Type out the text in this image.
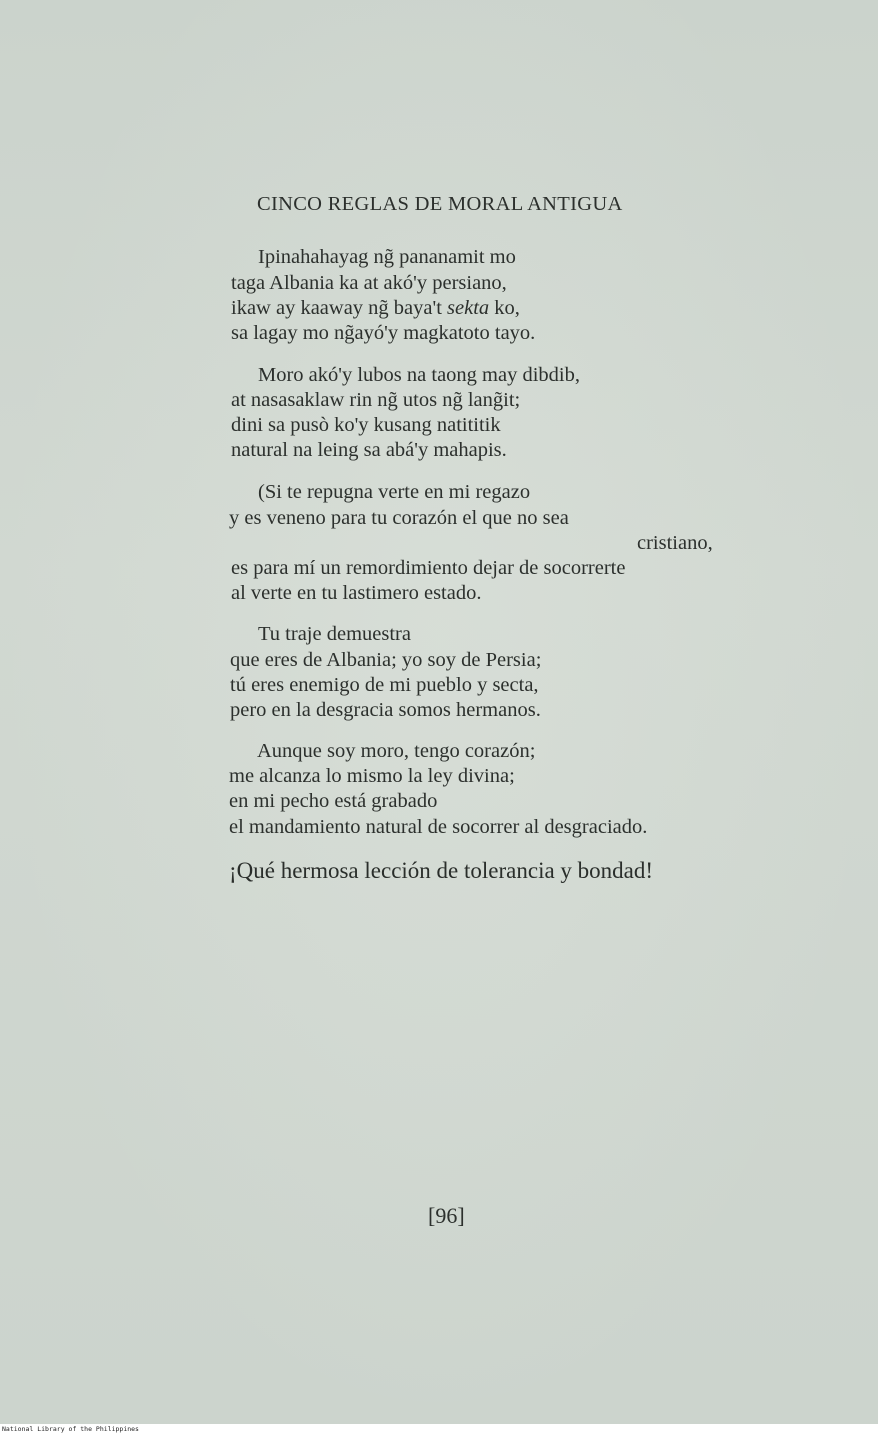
CINCO REGLAS DE MORAL ANTIGUA
Ipinahahayag ng̃ pananamit mo
taga Albania ka at akó'y persiano,
ikaw ay kaaway ng̃ baya't sekta ko,
sa lagay mo ng̃ayó'y magkatoto tayo.
Moro akó'y lubos na taong may dibdib,
at nasasaklaw rin ng̃ utos ng̃ lang̃it;
dini sa pusò ko'y kusang natititik
natural na leing sa abá'y mahapis.
(Si te repugna verte en mi regazo
y es veneno para tu corazón el que no sea
cristiano,
es para mí un remordimiento dejar de socorrerte
al verte en tu lastimero estado.
Tu traje demuestra
que eres de Albania; yo soy de Persia;
tú eres enemigo de mi pueblo y secta,
pero en la desgracia somos hermanos.
Aunque soy moro, tengo corazón;
me alcanza lo mismo la ley divina;
en mi pecho está grabado
el mandamiento natural de socorrer al desgraciado.
¡Qué hermosa lección de tolerancia y bondad!
[96]
National Library of the Philippines
